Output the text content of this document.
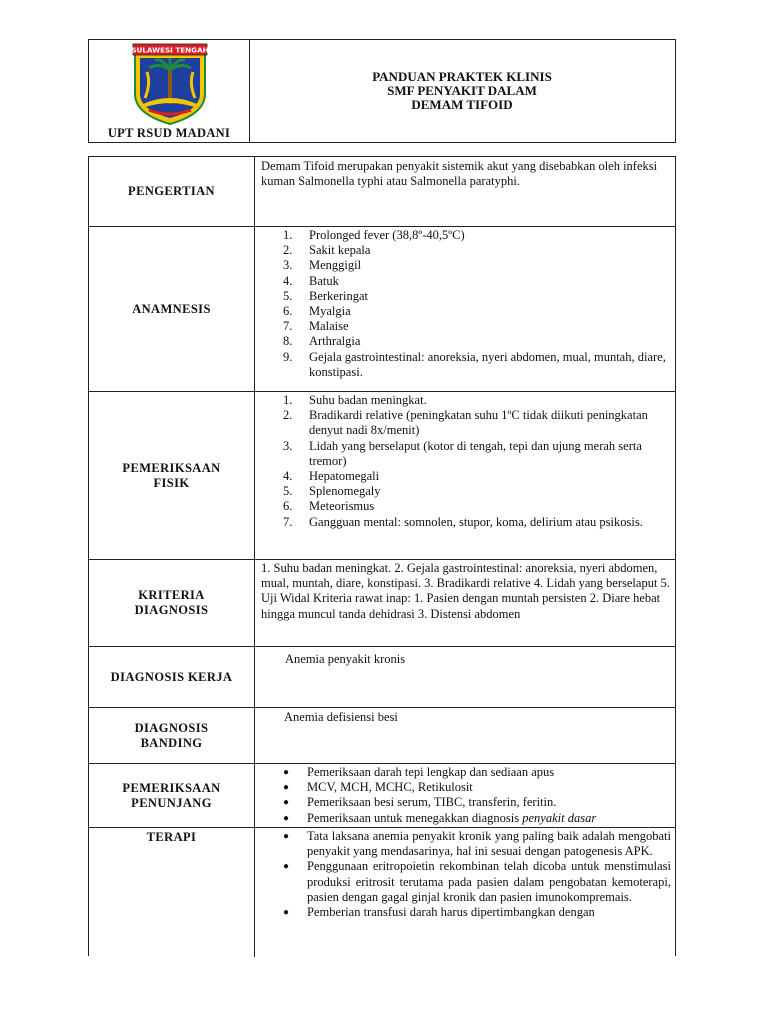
SULAWESI TENGAH
UPT RSUD MADANI
PANDUAN PRAKTEK KLINIS
SMF PENYAKIT DALAM
DEMAM TIFOID
PENGERTIAN
Demam Tifoid merupakan penyakit sistemik akut yang disebabkan oleh infeksi kuman Salmonella typhi atau Salmonella paratyphi.
ANAMNESIS
1. Prolonged fever (38,8º-40,5ºC)
2. Sakit kepala
3. Menggigil
4. Batuk
5. Berkeringat
6. Myalgia
7. Malaise
8. Arthralgia
9. Gejala gastrointestinal: anoreksia, nyeri abdomen, mual, muntah, diare, konstipasi.
PEMERIKSAAN
FISIK
1. Suhu badan meningkat.
2. Bradikardi relative (peningkatan suhu 1ºC tidak diikuti peningkatan denyut nadi 8x/menit)
3. Lidah yang berselaput (kotor di tengah, tepi dan ujung merah serta tremor)
4. Hepatomegali
5. Splenomegaly
6. Meteorismus
7. Gangguan mental: somnolen, stupor, koma, delirium atau psikosis.
KRITERIA
DIAGNOSIS
1. Suhu badan meningkat. 2. Gejala gastrointestinal: anoreksia, nyeri abdomen, mual, muntah, diare, konstipasi. 3. Bradikardi relative 4. Lidah yang berselaput 5. Uji Widal Kriteria rawat inap: 1. Pasien dengan muntah persisten 2. Diare hebat hingga muncul tanda dehidrasi 3. Distensi abdomen
DIAGNOSIS KERJA
Anemia penyakit kronis
DIAGNOSIS
BANDING
Anemia defisiensi besi
PEMERIKSAAN
PENUNJANG
● Pemeriksaan darah tepi lengkap dan sediaan apus
● MCV, MCH, MCHC, Retikulosit
● Pemeriksaan besi serum, TIBC, transferin, feritin.
● Pemeriksaan untuk menegakkan diagnosis penyakit dasar
TERAPI	● Tata laksana anemia penyakit kronik yang paling baik adalah mengobati penyakit yang mendasarinya, hal ini sesuai dengan patogenesis APK.
● Penggunaan eritropoietin rekombinan telah dicoba untuk menstimulasi produksi eritrosit terutama pada pasien dalam pengobatan kemoterapi, pasien dengan gagal ginjal kronik dan pasien imunokompremais.
● Pemberian transfusi darah harus dipertimbangkan dengan
